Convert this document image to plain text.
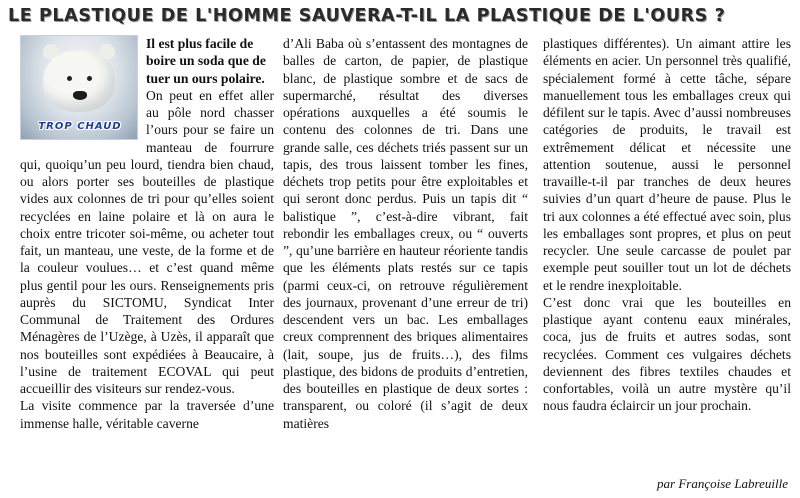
LE PLASTIQUE DE L'HOMME SAUVERA-T-IL LA PLASTIQUE DE L'OURS ?
TROP CHAUD

Il est plus facile de boire un soda que de tuer un ours polaire.

On peut en effet aller au pôle nord chasser l’ours pour se faire un manteau de fourrure qui, quoiqu’un peu lourd, tiendra bien chaud, ou alors porter ses bouteilles de plastique vides aux colonnes de tri pour qu’elles soient recyclées en laine polaire et là on aura le choix entre tricoter soi-même, ou acheter tout fait, un manteau, une veste, de la forme et de la couleur voulues… et c’est quand même plus gentil pour les ours. Renseignements pris auprès du SICTOMU, Syndicat Inter Communal de Traitement des Ordures Ménagères de l’Uzège, à Uzès, il apparaît que nos bouteilles sont expédiées à Beaucaire, à l’usine de traitement ECOVAL qui peut accueillir des visiteurs sur rendez-vous.

La visite commence par la traversée d’une immense halle, véritable caverne

d’Ali Baba où s’entassent des montagnes de balles de carton, de papier, de plastique blanc, de plastique sombre et de sacs de supermarché, résultat des diverses opérations auxquelles a été soumis le contenu des colonnes de tri. Dans une grande salle, ces déchets triés passent sur un tapis, des trous laissent tomber les fines, déchets trop petits pour être exploitables et qui seront donc perdus. Puis un tapis dit “ balistique ”, c’est-à-dire vibrant, fait rebondir les emballages creux, ou “ ouverts ”, qu’une barrière en hauteur réoriente tandis que les éléments plats restés sur ce tapis (parmi ceux-ci, on retrouve régulièrement des journaux, provenant d’une erreur de tri) descendent vers un bac. Les emballages creux comprennent des briques alimentaires (lait, soupe, jus de fruits…), des films plastique, des bidons de produits d’entretien, des bouteilles en plastique de deux sortes : transparent, ou coloré (il s’agit de deux matières

plastiques différentes). Un aimant attire les éléments en acier. Un personnel très qualifié, spécialement formé à cette tâche, sépare manuellement tous les emballages creux qui défilent sur le tapis. Avec d’aussi nombreuses catégories de produits, le travail est extrêmement délicat et nécessite une attention soutenue, aussi le personnel travaille-t-il par tranches de deux heures suivies d’un quart d’heure de pause. Plus le tri aux colonnes a été effectué avec soin, plus les emballages sont propres, et plus on peut recycler. Une seule carcasse de poulet par exemple peut souiller tout un lot de déchets et le rendre inexploitable.

C’est donc vrai que les bouteilles en plastique ayant contenu eaux minérales, coca, jus de fruits et autres sodas, sont recyclées. Comment ces vulgaires déchets deviennent des fibres textiles chaudes et confortables, voilà un autre mystère qu’il nous faudra éclaircir un jour prochain.

par Françoise Labreuille
